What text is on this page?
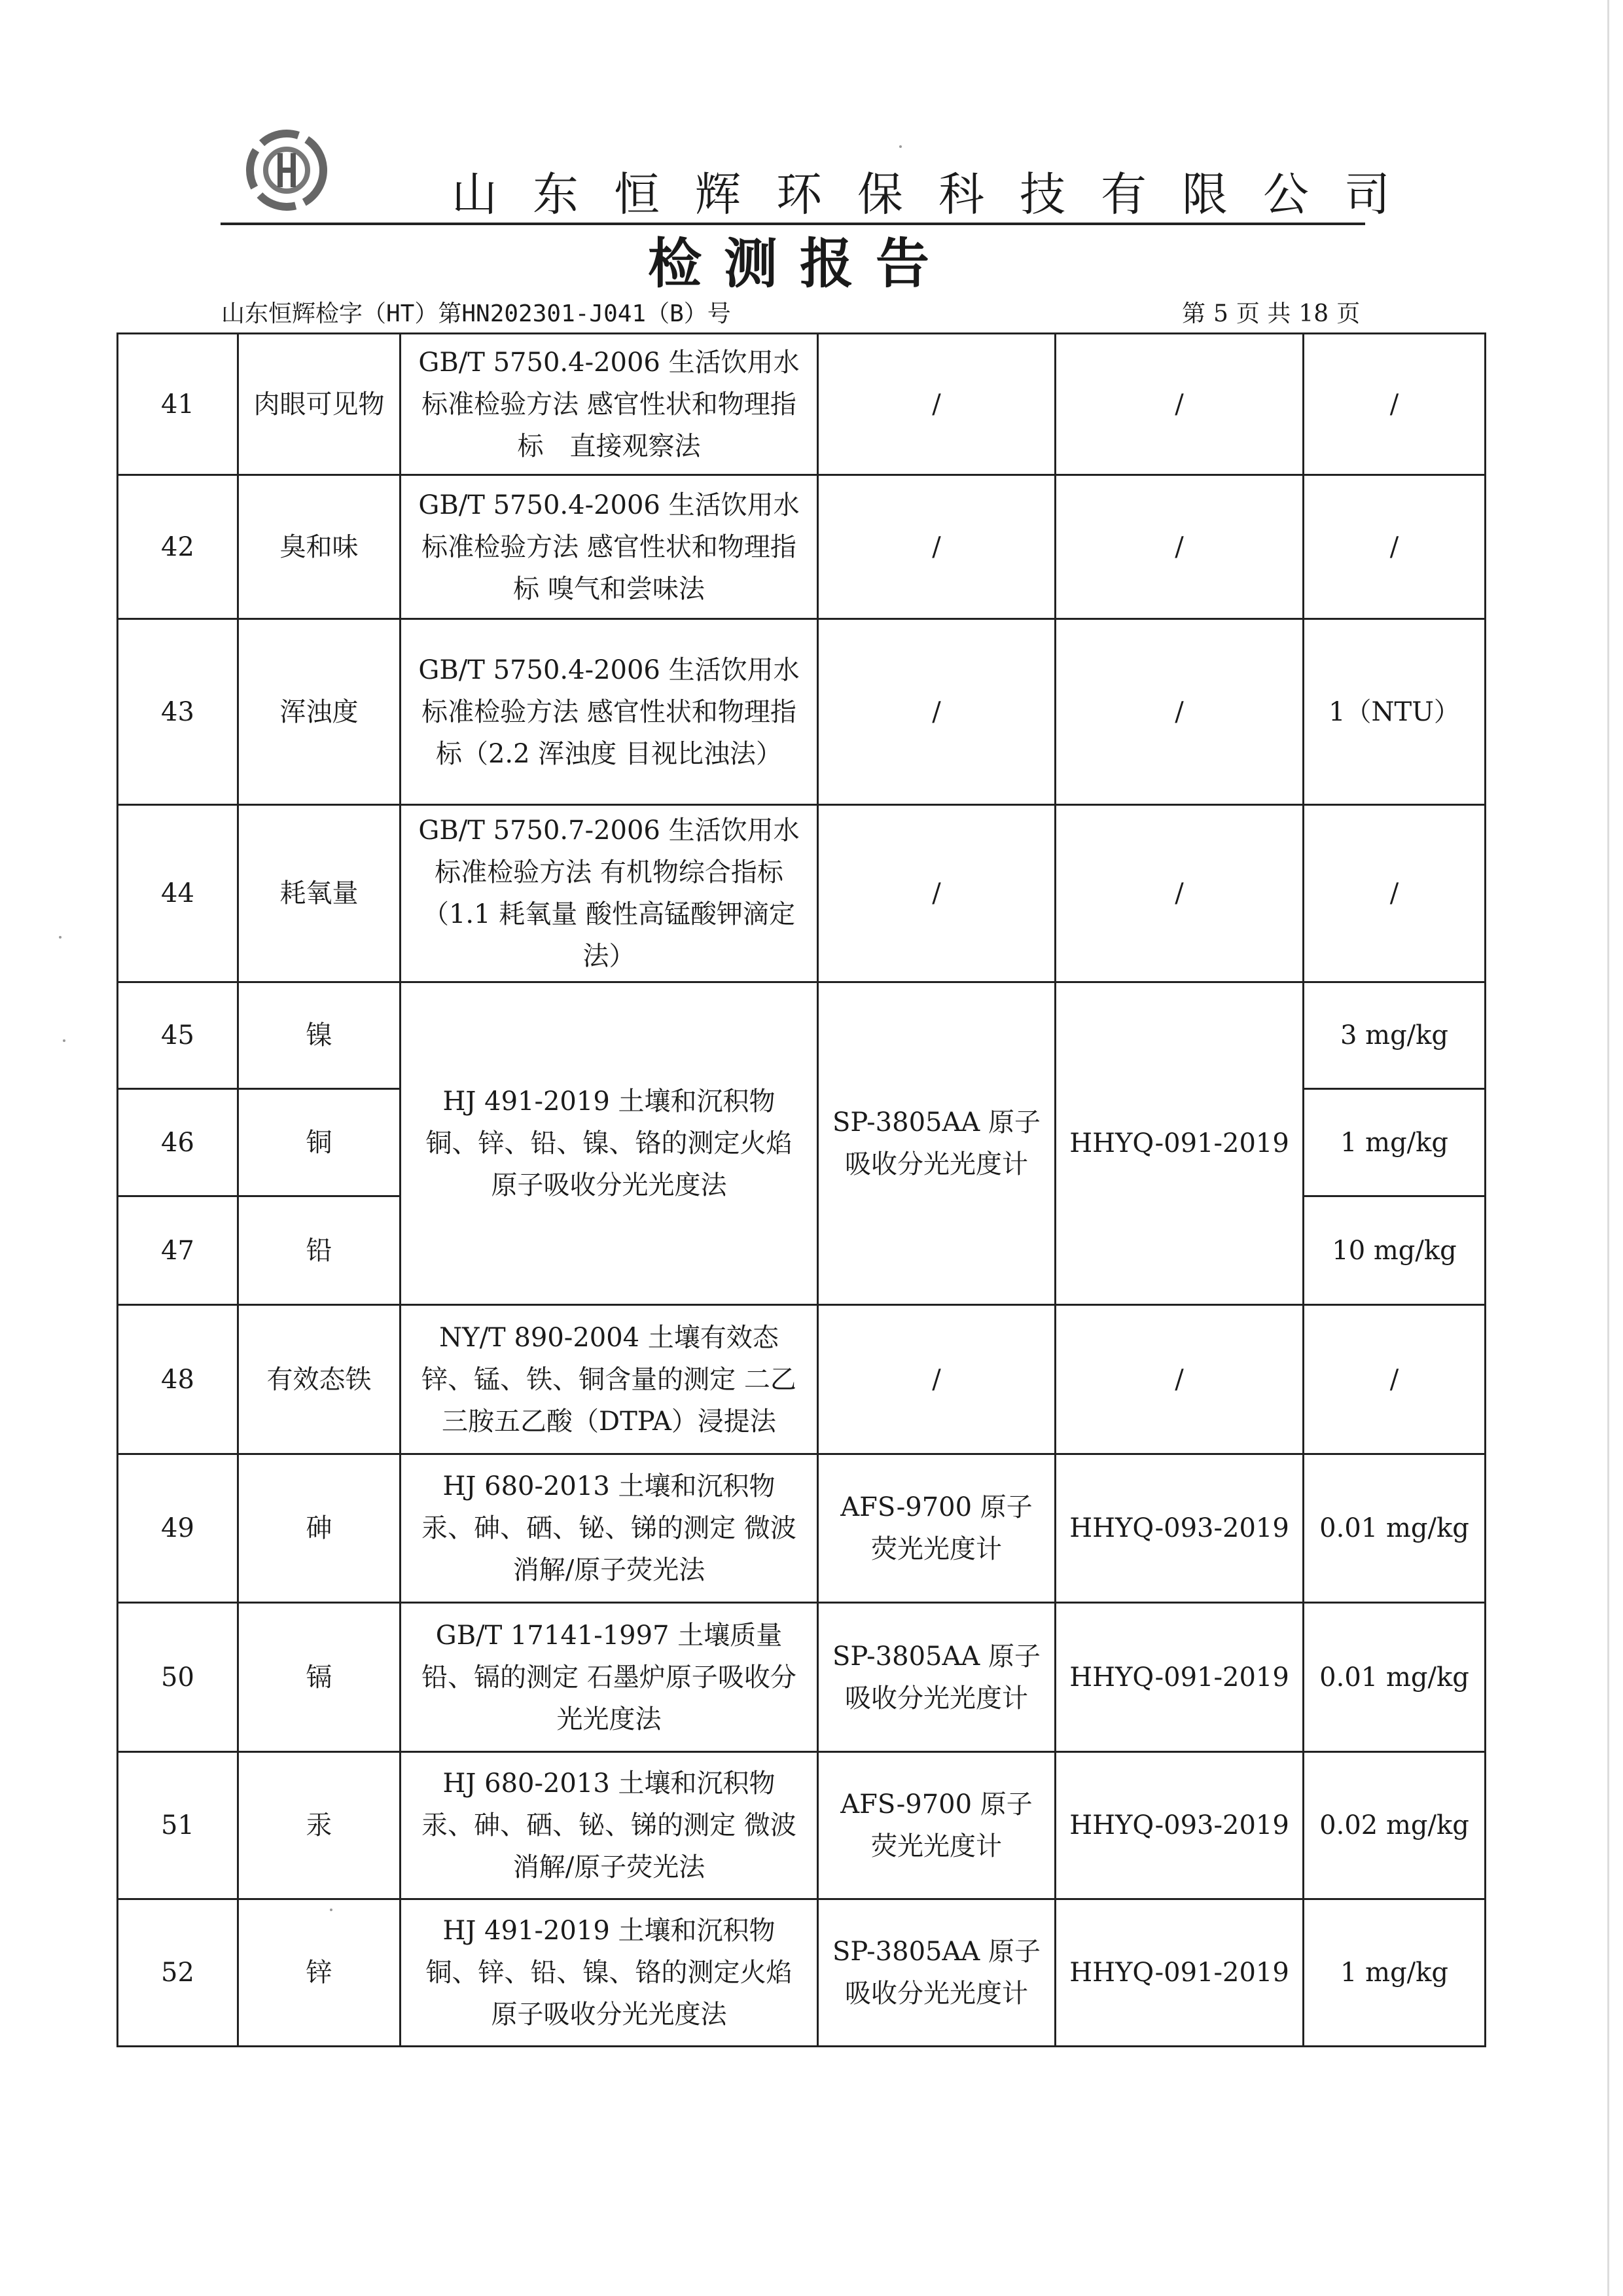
山东恒辉环保科技有限公司
检测报告
山东恒辉检字（HT）第HN202301-J041（B）号	第 5 页 共 18 页
41	肉眼可见物	GB/T 5750.4-2006 生活饮用水标准检验方法 感官性状和物理指标　直接观察法	/	/	/
42	臭和味	GB/T 5750.4-2006 生活饮用水标准检验方法 感官性状和物理指标 嗅气和尝味法	/	/	/
43	浑浊度	GB/T 5750.4-2006 生活饮用水标准检验方法 感官性状和物理指标（2.2 浑浊度 目视比浊法）	/	/	1（NTU）
44	耗氧量	GB/T 5750.7-2006 生活饮用水标准检验方法 有机物综合指标（1.1 耗氧量 酸性高锰酸钾滴定法）	/	/	/
45	镍	HJ 491-2019 土壤和沉积物铜、锌、铅、镍、铬的测定火焰原子吸收分光光度法	SP-3805AA 原子吸收分光光度计	HHYQ-091-2019	3 mg/kg
46	铜				1 mg/kg
47	铅				10 mg/kg
48	有效态铁	NY/T 890-2004 土壤有效态锌、锰、铁、铜含量的测定 二乙三胺五乙酸（DTPA）浸提法	/	/	/
49	砷	HJ 680-2013 土壤和沉积物汞、砷、硒、铋、锑的测定 微波消解/原子荧光法	AFS-9700 原子荧光光度计	HHYQ-093-2019	0.01 mg/kg
50	镉	GB/T 17141-1997 土壤质量铅、镉的测定 石墨炉原子吸收分光光度法	SP-3805AA 原子吸收分光光度计	HHYQ-091-2019	0.01 mg/kg
51	汞	HJ 680-2013 土壤和沉积物汞、砷、硒、铋、锑的测定 微波消解/原子荧光法	AFS-9700 原子荧光光度计	HHYQ-093-2019	0.02 mg/kg
52	锌	HJ 491-2019 土壤和沉积物铜、锌、铅、镍、铬的测定火焰原子吸收分光光度法	SP-3805AA 原子吸收分光光度计	HHYQ-091-2019	1 mg/kg
